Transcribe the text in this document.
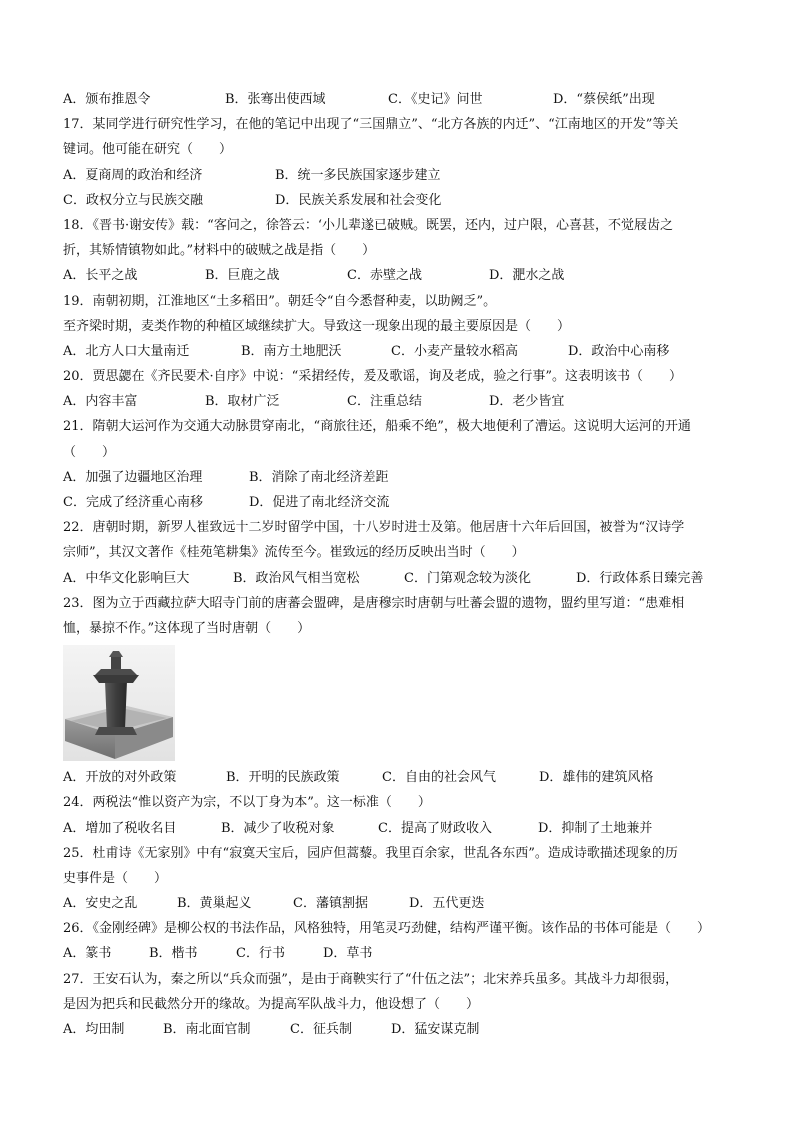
A．颁布推恩令	B．张骞出使西域	C．《史记》问世	D．“蔡侯纸”出现
17．某同学进行研究性学习，在他的笔记中出现了“三国鼎立”、“北方各族的内迁”、“江南地区的开发”等关
键词。他可能在研究（　　）
A．夏商周的政治和经济	B．统一多民族国家逐步建立
C．政权分立与民族交融	D．民族关系发展和社会变化
18．《晋书·谢安传》载：“客问之，徐答云：‘小儿辈遂已破贼。既罢，还内，过户限，心喜甚，不觉屐齿之
折，其矫情镇物如此。”材料中的破贼之战是指（　　）
A．长平之战	B．巨鹿之战	C．赤壁之战	D．淝水之战
19．南朝初期，江淮地区“土多稻田”。朝廷令“自今悉督种麦，以助阙乏”。
至齐梁时期，麦类作物的种植区域继续扩大。导致这一现象出现的最主要原因是（　　）
A．北方人口大量南迁	B．南方土地肥沃	C．小麦产量较水稻高	D．政治中心南移
20．贾思勰在《齐民要术·自序》中说：“采捃经传，爰及歌谣，询及老成，验之行事”。这表明该书（　　）
A．内容丰富	B．取材广泛	C．注重总结	D．老少皆宜
21．隋朝大运河作为交通大动脉贯穿南北，“商旅往还，船乘不绝”，极大地便利了漕运。这说明大运河的开通
（　　）
A．加强了边疆地区治理	B．消除了南北经济差距
C．完成了经济重心南移	D．促进了南北经济交流
22．唐朝时期，新罗人崔致远十二岁时留学中国，十八岁时进士及第。他居唐十六年后回国，被誉为“汉诗学
宗师”，其汉文著作《桂苑笔耕集》流传至今。崔致远的经历反映出当时（　　）
A．中华文化影响巨大	B．政治风气相当宽松	C．门第观念较为淡化	D．行政体系日臻完善
23．图为立于西藏拉萨大昭寺门前的唐蕃会盟碑，是唐穆宗时唐朝与吐蕃会盟的遗物，盟约里写道：“患难相
恤，暴掠不作。”这体现了当时唐朝（　　）
A．开放的对外政策	B．开明的民族政策	C．自由的社会风气	D．雄伟的建筑风格
24．两税法“惟以资产为宗，不以丁身为本”。这一标准（　　）
A．增加了税收名目	B．减少了收税对象	C．提高了财政收入	D．抑制了土地兼并
25．杜甫诗《无家别》中有“寂寞天宝后，园庐但蒿藜。我里百余家，世乱各东西”。造成诗歌描述现象的历
史事件是（　　）
A．安史之乱	B．黄巢起义	C．藩镇割据	D．五代更迭
26．《金刚经碑》是柳公权的书法作品，风格独特，用笔灵巧劲健，结构严谨平衡。该作品的书体可能是（　　）
A．篆书	B．楷书	C．行书	D．草书
27．王安石认为，秦之所以“兵众而强”，是由于商鞅实行了“什伍之法”；北宋养兵虽多。其战斗力却很弱，
是因为把兵和民截然分开的缘故。为提高军队战斗力，他设想了（　　）
A．均田制	B．南北面官制	C．征兵制	D．猛安谋克制
